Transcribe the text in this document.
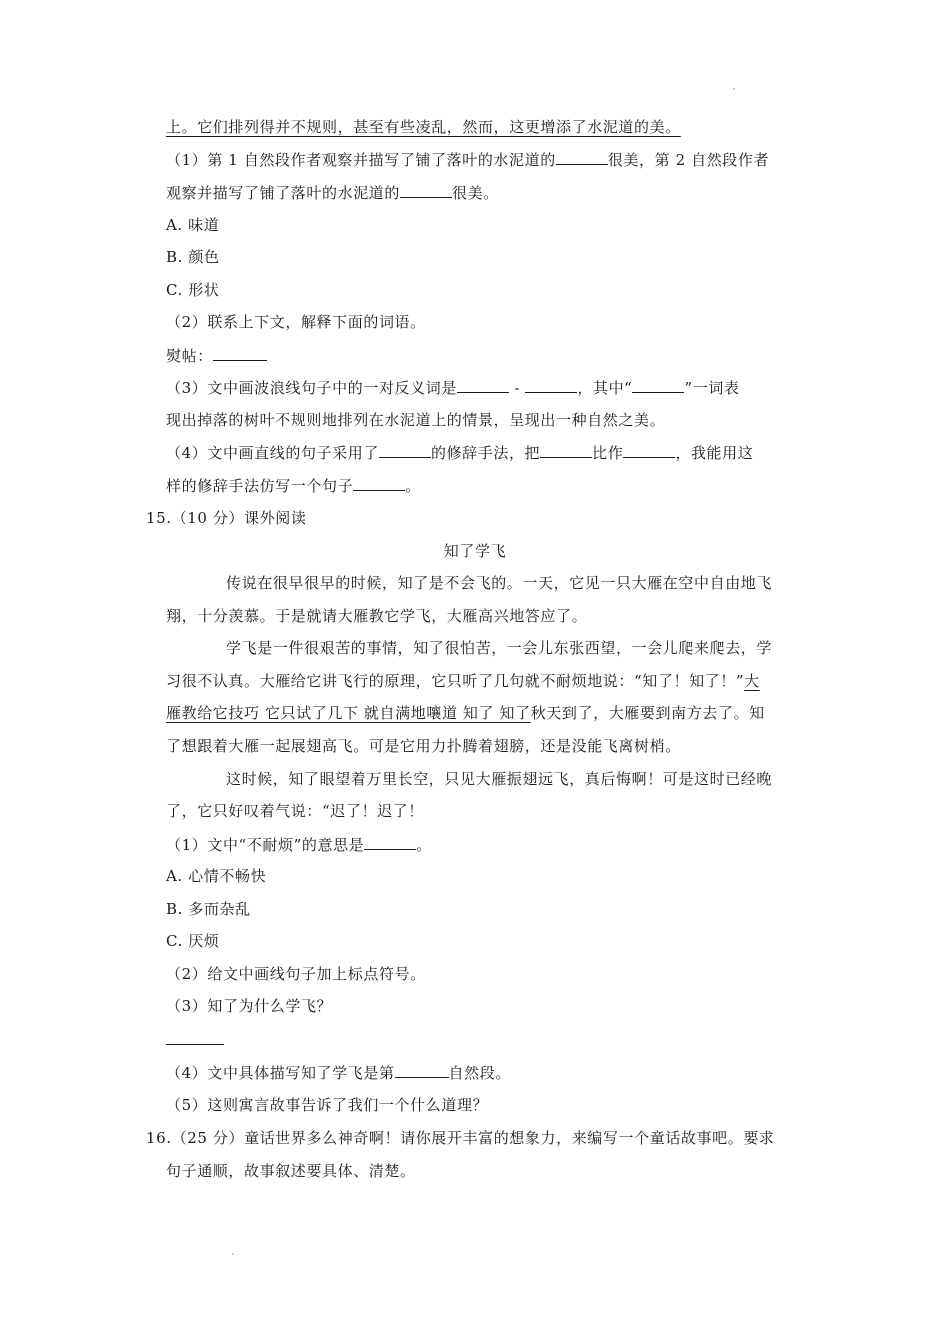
上。它们排列得并不规则，甚至有些凌乱，然而，这更增添了水泥道的美。
（1）第 1 自然段作者观察并描写了铺了落叶的水泥道的	很美，第 2 自然段作者
观察并描写了铺了落叶的水泥道的	很美。
A. 味道
B. 颜色
C. 形状
（2）联系上下文，解释下面的词语。
熨帖：
（3）文中画波浪线句子中的一对反义词是	-	，其中“	”一词表
现出掉落的树叶不规则地排列在水泥道上的情景，呈现出一种自然之美。
（4）文中画直线的句子采用了	的修辞手法，把	比作	，我能用这
样的修辞手法仿写一个句子	。
15.（10 分）课外阅读
知了学飞
传说在很早很早的时候，知了是不会飞的。一天，它见一只大雁在空中自由地飞
翔，十分羡慕。于是就请大雁教它学飞，大雁高兴地答应了。
学飞是一件很艰苦的事情，知了很怕苦，一会儿东张西望，一会儿爬来爬去，学
习很不认真。大雁给它讲飞行的原理，它只听了几句就不耐烦地说：“知了！知了！”大
雁教给它技巧 它只试了几下 就自满地嚷道 知了 知了秋天到了，大雁要到南方去了。知
了想跟着大雁一起展翅高飞。可是它用力扑腾着翅膀，还是没能飞离树梢。
这时候，知了眼望着万里长空，只见大雁振翅远飞，真后悔啊！可是这时已经晚
了，它只好叹着气说：“迟了！迟了！
（1）文中“不耐烦”的意思是	。
A. 心情不畅快
B. 多而杂乱
C. 厌烦
（2）给文中画线句子加上标点符号。
（3）知了为什么学飞？
（4）文中具体描写知了学飞是第	自然段。
（5）这则寓言故事告诉了我们一个什么道理？
16.（25 分）童话世界多么神奇啊！请你展开丰富的想象力，来编写一个童话故事吧。要求
句子通顺，故事叙述要具体、清楚。
